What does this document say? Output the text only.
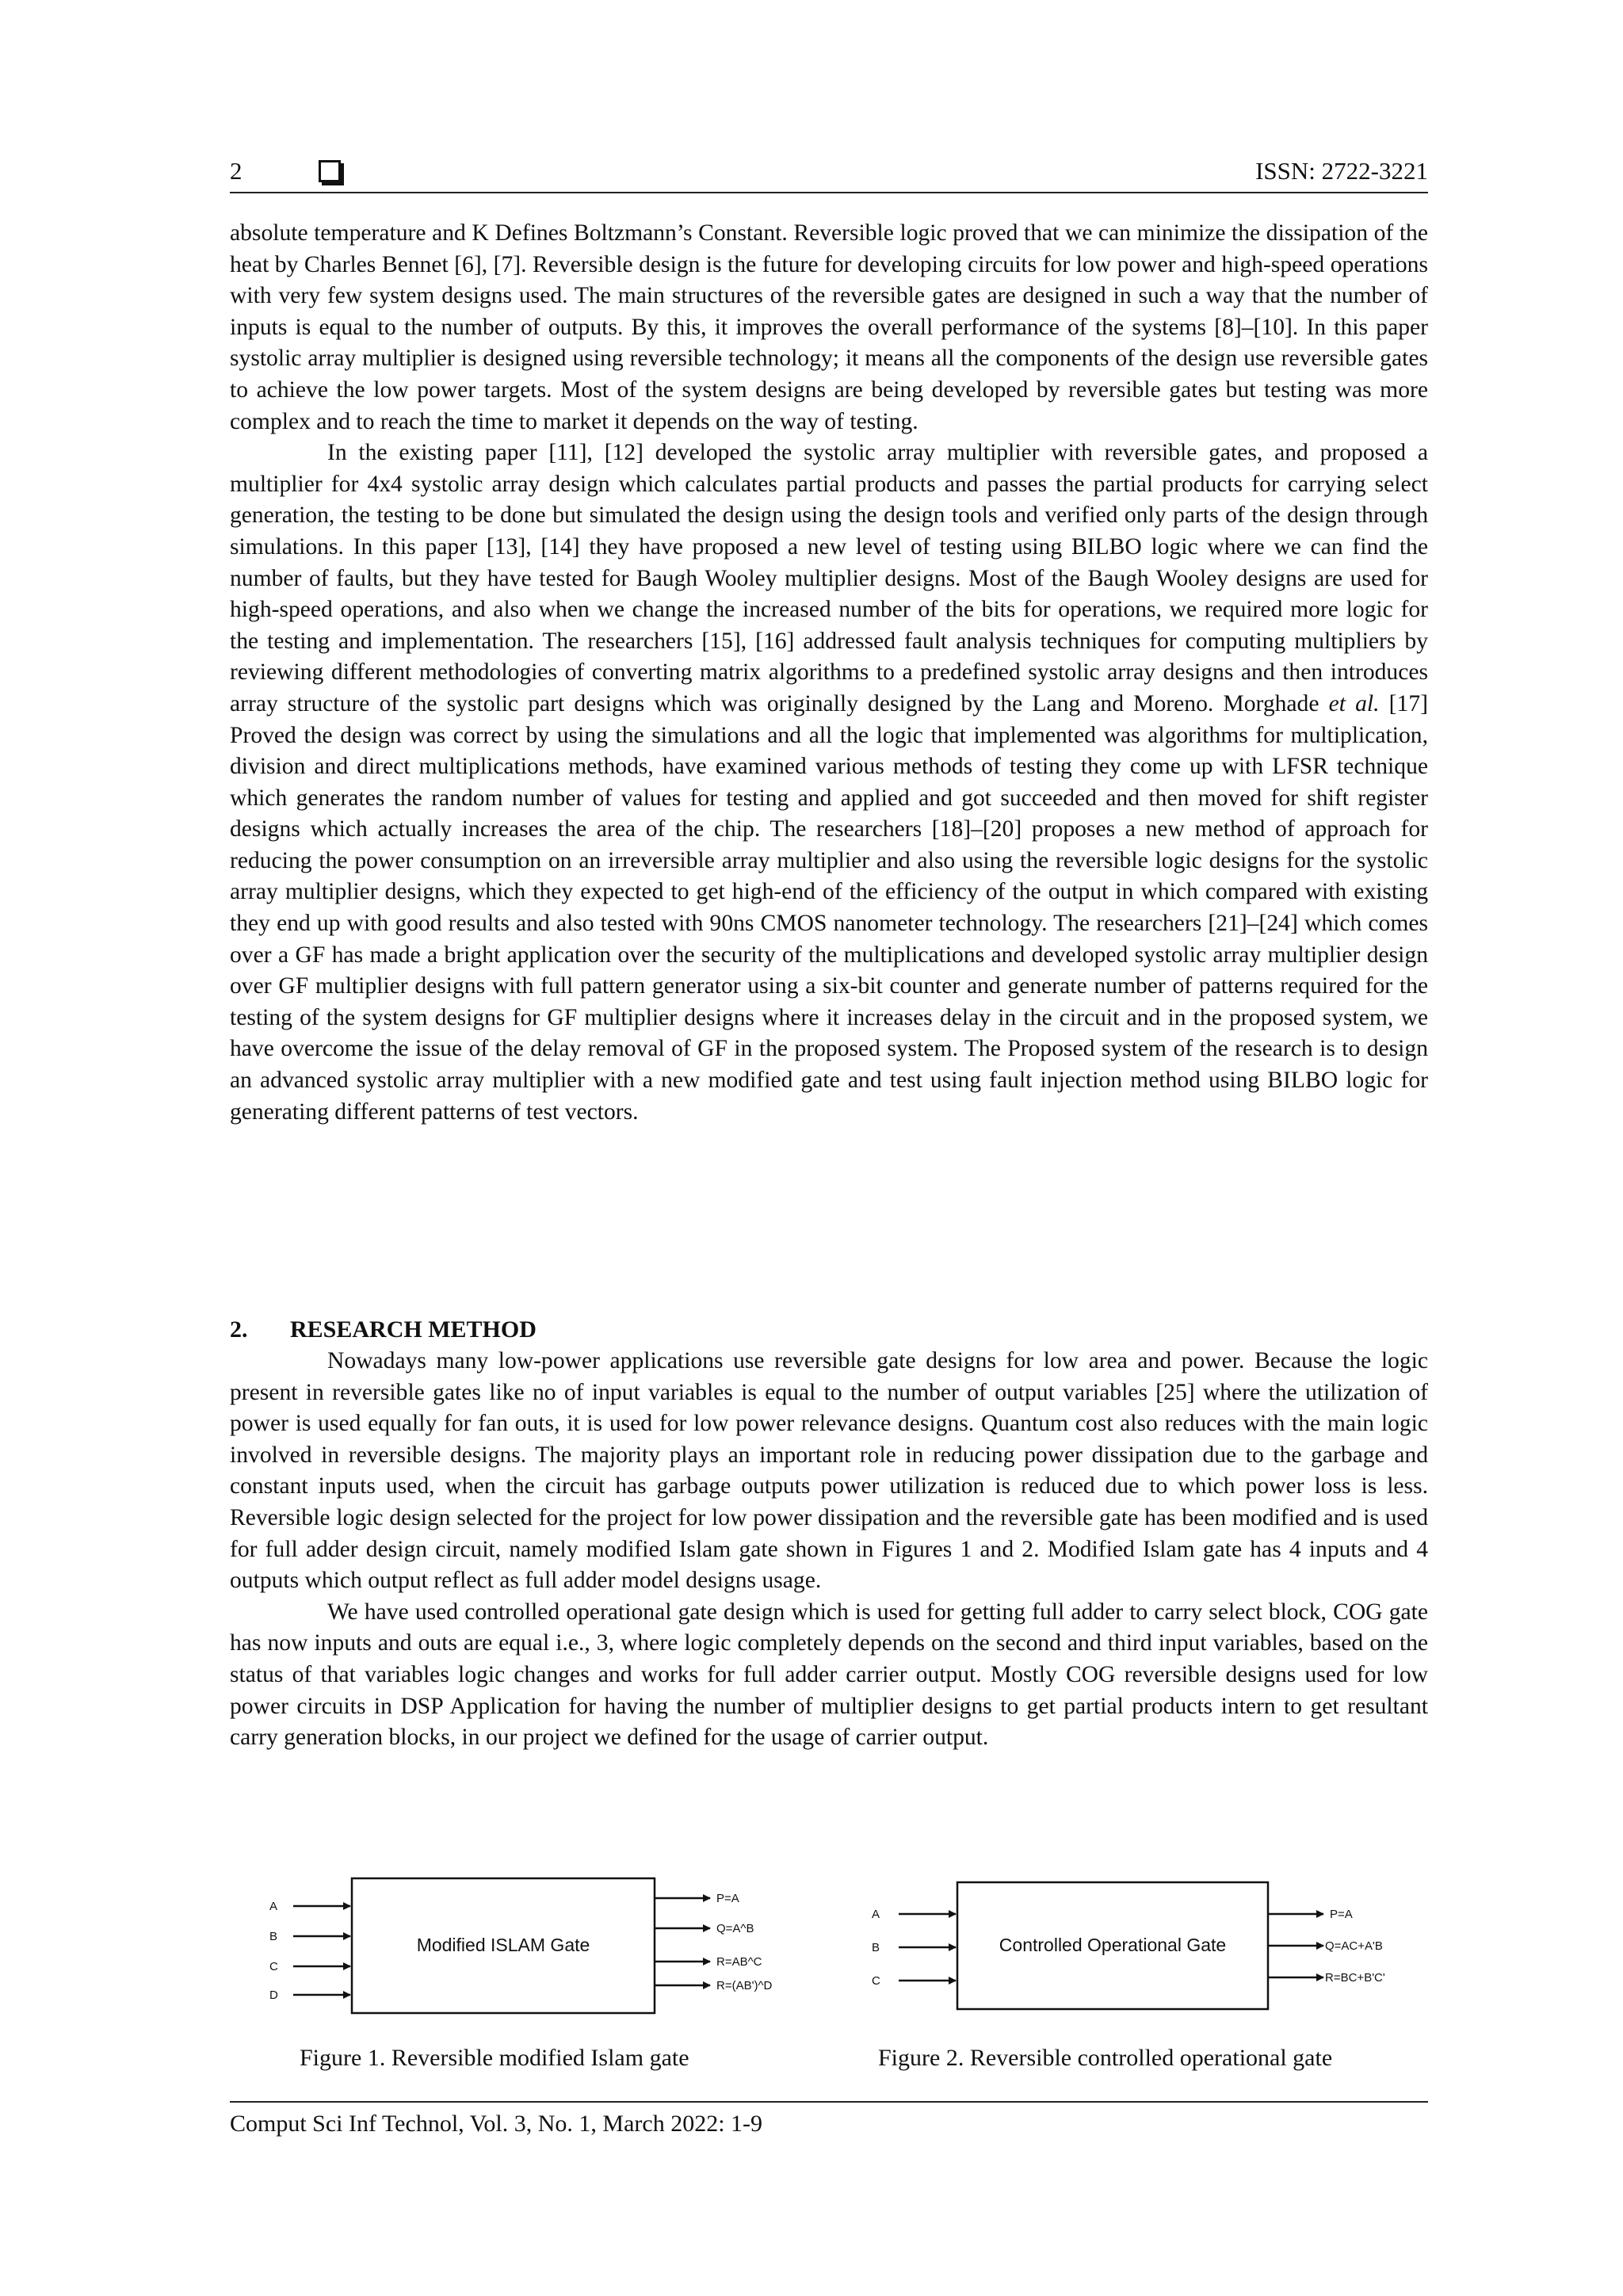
2	ISSN: 2722-3221

absolute temperature and K Defines Boltzmann’s Constant. Reversible logic proved that we can minimize the dissipation of the heat by Charles Bennet [6], [7]. Reversible design is the future for developing circuits for low power and high-speed operations with very few system designs used. The main structures of the reversible gates are designed in such a way that the number of inputs is equal to the number of outputs. By this, it improves the overall performance of the systems [8]–[10]. In this paper systolic array multiplier is designed using reversible technology; it means all the components of the design use reversible gates to achieve the low power targets. Most of the system designs are being developed by reversible gates but testing was more complex and to reach the time to market it depends on the way of testing.

In the existing paper [11], [12] developed the systolic array multiplier with reversible gates, and proposed a multiplier for 4x4 systolic array design which calculates partial products and passes the partial products for carrying select generation, the testing to be done but simulated the design using the design tools and verified only parts of the design through simulations. In this paper [13], [14] they have proposed a new level of testing using BILBO logic where we can find the number of faults, but they have tested for Baugh Wooley multiplier designs. Most of the Baugh Wooley designs are used for high-speed operations, and also when we change the increased number of the bits for operations, we required more logic for the testing and implementation. The researchers [15], [16] addressed fault analysis techniques for computing multipliers by reviewing different methodologies of converting matrix algorithms to a predefined systolic array designs and then introduces array structure of the systolic part designs which was originally designed by the Lang and Moreno. Morghade et al. [17] Proved the design was correct by using the simulations and all the logic that implemented was algorithms for multiplication, division and direct multiplications methods, have examined various methods of testing they come up with LFSR technique which generates the random number of values for testing and applied and got succeeded and then moved for shift register designs which actually increases the area of the chip. The researchers [18]–[20] proposes a new method of approach for reducing the power consumption on an irreversible array multiplier and also using the reversible logic designs for the systolic array multiplier designs, which they expected to get high-end of the efficiency of the output in which compared with existing they end up with good results and also tested with 90ns CMOS nanometer technology. The researchers [21]–[24] which comes over a GF has made a bright application over the security of the multiplications and developed systolic array multiplier design over GF multiplier designs with full pattern generator using a six-bit counter and generate number of patterns required for the testing of the system designs for GF multiplier designs where it increases delay in the circuit and in the proposed system, we have overcome the issue of the delay removal of GF in the proposed system. The Proposed system of the research is to design an advanced systolic array multiplier with a new modified gate and test using fault injection method using BILBO logic for generating different patterns of test vectors.

2. RESEARCH METHOD

Nowadays many low-power applications use reversible gate designs for low area and power. Because the logic present in reversible gates like no of input variables is equal to the number of output variables [25] where the utilization of power is used equally for fan outs, it is used for low power relevance designs. Quantum cost also reduces with the main logic involved in reversible designs. The majority plays an important role in reducing power dissipation due to the garbage and constant inputs used, when the circuit has garbage outputs power utilization is reduced due to which power loss is less. Reversible logic design selected for the project for low power dissipation and the reversible gate has been modified and is used for full adder design circuit, namely modified Islam gate shown in Figures 1 and 2. Modified Islam gate has 4 inputs and 4 outputs which output reflect as full adder model designs usage.

We have used controlled operational gate design which is used for getting full adder to carry select block, COG gate has now inputs and outs are equal i.e., 3, where logic completely depends on the second and third input variables, based on the status of that variables logic changes and works for full adder carrier output. Mostly COG reversible designs used for low power circuits in DSP Application for having the number of multiplier designs to get partial products intern to get resultant carry generation blocks, in our project we defined for the usage of carrier output.

Modified ISLAM Gate
A
B
C
D
P=A
Q=A^B
R=AB^C
R=(AB')^D
Figure 1. Reversible modified Islam gate
Controlled Operational Gate
A
B
C
P=A
Q=AC+A'B
R=BC+B'C'
Figure 2. Reversible controlled operational gate
Comput Sci Inf Technol, Vol. 3, No. 1, March 2022: 1-9
